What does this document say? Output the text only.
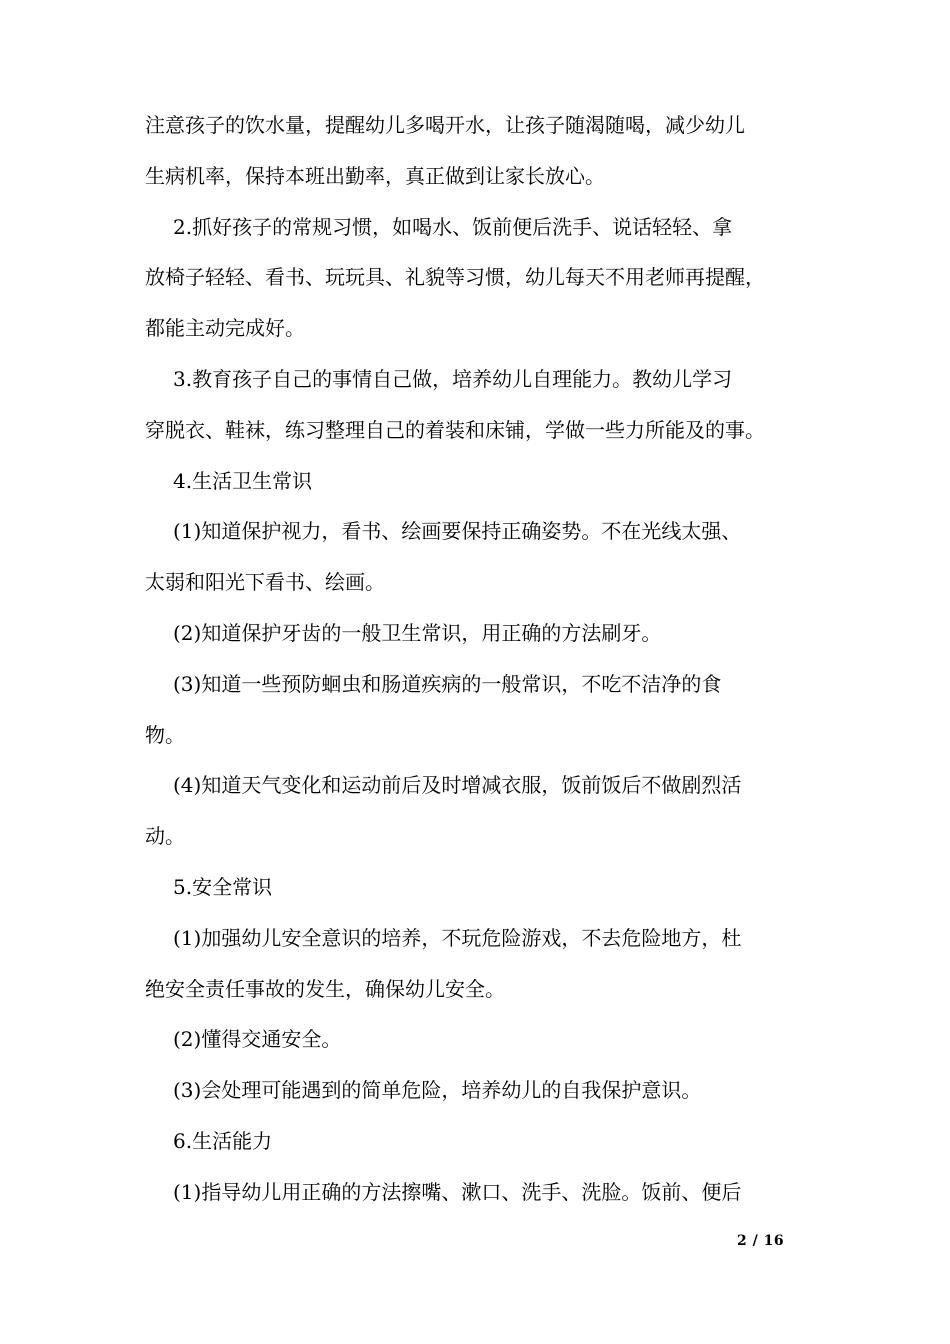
注意孩子的饮水量，提醒幼儿多喝开水，让孩子随渴随喝，减少幼儿
生病机率，保持本班出勤率，真正做到让家长放心。
2.抓好孩子的常规习惯，如喝水、饭前便后洗手、说话轻轻、拿
放椅子轻轻、看书、玩玩具、礼貌等习惯，幼儿每天不用老师再提醒，
都能主动完成好。
3.教育孩子自己的事情自己做，培养幼儿自理能力。教幼儿学习
穿脱衣、鞋袜，练习整理自己的着装和床铺，学做一些力所能及的事。
4.生活卫生常识
(1)知道保护视力，看书、绘画要保持正确姿势。不在光线太强、
太弱和阳光下看书、绘画。
(2)知道保护牙齿的一般卫生常识，用正确的方法刷牙。
(3)知道一些预防蛔虫和肠道疾病的一般常识，不吃不洁净的食
物。
(4)知道天气变化和运动前后及时增减衣服，饭前饭后不做剧烈活
动。
5.安全常识
(1)加强幼儿安全意识的培养，不玩危险游戏，不去危险地方，杜
绝安全责任事故的发生，确保幼儿安全。
(2)懂得交通安全。
(3)会处理可能遇到的简单危险，培养幼儿的自我保护意识。
6.生活能力
(1)指导幼儿用正确的方法擦嘴、漱口、洗手、洗脸。饭前、便后

2 / 16
